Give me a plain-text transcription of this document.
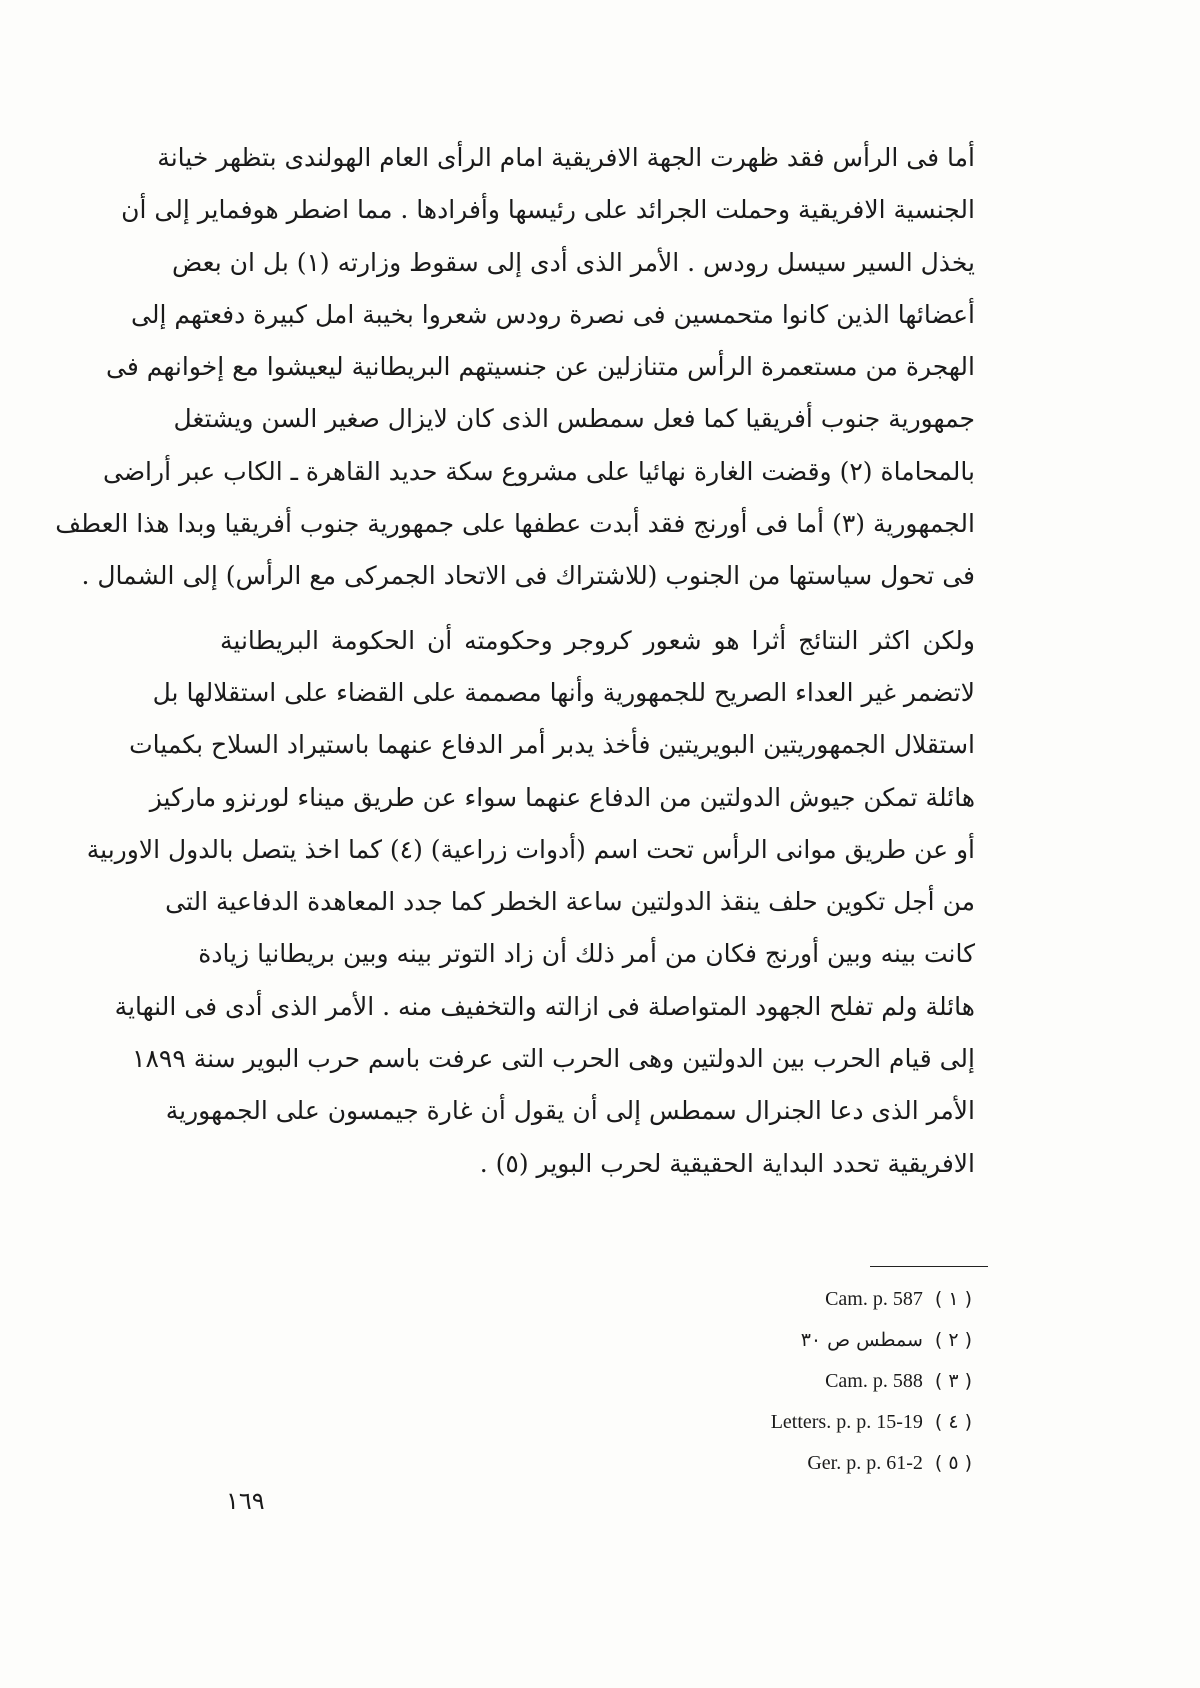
أما فى الرأس فقد ظهرت الجهة الافريقية امام الرأى العام الهولندى بتظهر خيانة
الجنسية الافريقية وحملت الجرائد على رئيسها وأفرادها . مما اضطر هوفماير إلى أن
يخذل السير سيسل رودس . الأمر الذى أدى إلى سقوط وزارته (١) بل ان بعض
أعضائها الذين كانوا متحمسين فى نصرة رودس شعروا بخيبة امل كبيرة دفعتهم إلى
الهجرة من مستعمرة الرأس متنازلين عن جنسيتهم البريطانية ليعيشوا مع إخوانهم فى
جمهورية جنوب أفريقيا كما فعل سمطس الذى كان لايزال صغير السن ويشتغل
بالمحاماة (٢) وقضت الغارة نهائيا على مشروع سكة حديد القاهرة ـ الكاب عبر أراضى
الجمهورية (٣) أما فى أورنج فقد أبدت عطفها على جمهورية جنوب أفريقيا وبدا هذا العطف
فى تحول سياستها من الجنوب (للاشتراك فى الاتحاد الجمركى مع الرأس) إلى الشمال .

ولكن اكثر النتائج أثرا هو شعور كروجر وحكومته أن الحكومة البريطانية
لاتضمر غير العداء الصريح للجمهورية وأنها مصممة على القضاء على استقلالها بل
استقلال الجمهوريتين البويريتين فأخذ يدبر أمر الدفاع عنهما باستيراد السلاح بكميات
هائلة تمكن جيوش الدولتين من الدفاع عنهما سواء عن طريق ميناء لورنزو ماركيز
أو عن طريق موانى الرأس تحت اسم (أدوات زراعية) (٤) كما اخذ يتصل بالدول الاوربية
من أجل تكوين حلف ينقذ الدولتين ساعة الخطر كما جدد المعاهدة الدفاعية التى
كانت بينه وبين أورنج فكان من أمر ذلك أن زاد التوتر بينه وبين بريطانيا زيادة
هائلة ولم تفلح الجهود المتواصلة فى ازالته والتخفيف منه . الأمر الذى أدى فى النهاية
إلى قيام الحرب بين الدولتين وهى الحرب التى عرفت باسم حرب البوير سنة ١٨٩٩
الأمر الذى دعا الجنرال سمطس إلى أن يقول أن غارة جيمسون على الجمهورية
الافريقية تحدد البداية الحقيقية لحرب البوير (٥) .

Cam. p. 587 ( ١ )
سمطس ص ٣٠ ( ٢ )
Cam. p. 588 ( ٣ )
Letters. p. p. 15-19 ( ٤ )
Ger. p. p. 61-2 ( ٥ )
١٦٩
